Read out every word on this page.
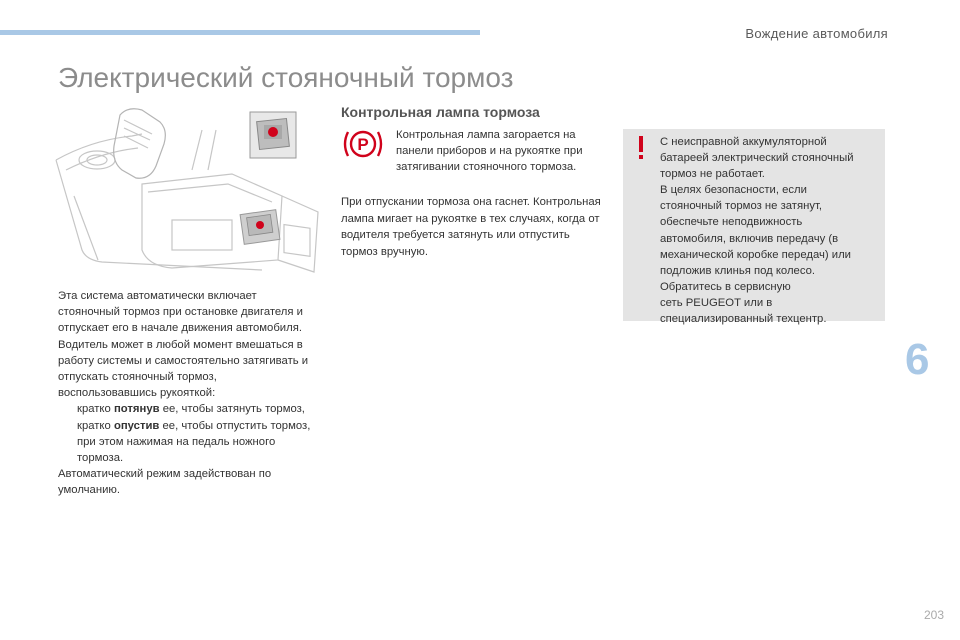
Вождение автомобиля
Электрический стояночный тормоз

Эта система автоматически включает стояночный тормоз при остановке двигателя и отпускает его в начале движения автомобиля.

Водитель может в любой момент вмешаться в работу системы и самостоятельно затягивать и отпускать стояночный тормоз, воспользовавшись рукояткой:

кратко потянув ее, чтобы затянуть тормоз,
кратко опустив ее, чтобы отпустить тормоз, при этом нажимая на педаль ножного тормоза.

Автоматический режим задействован по умолчанию.

Контрольная лампа тормоза
P Контрольная лампа загорается на панели приборов и на рукоятке при затягивании стояночного тормоза.

При отпускании тормоза она гаснет. Контрольная лампа мигает на рукоятке в тех случаях, когда от водителя требуется затянуть или отпустить тормоз вручную.

С неисправной аккумуляторной
батареей электрический стояночный
тормоз не работает.
В целях безопасности, если
стояночный тормоз не затянут,
обеспечьте неподвижность
автомобиля, включив передачу (в
механической коробке передач) или
подложив клинья под колесо.
Обратитесь в сервисную
сеть PEUGEOT или в
специализированный техцентр.

6
203
